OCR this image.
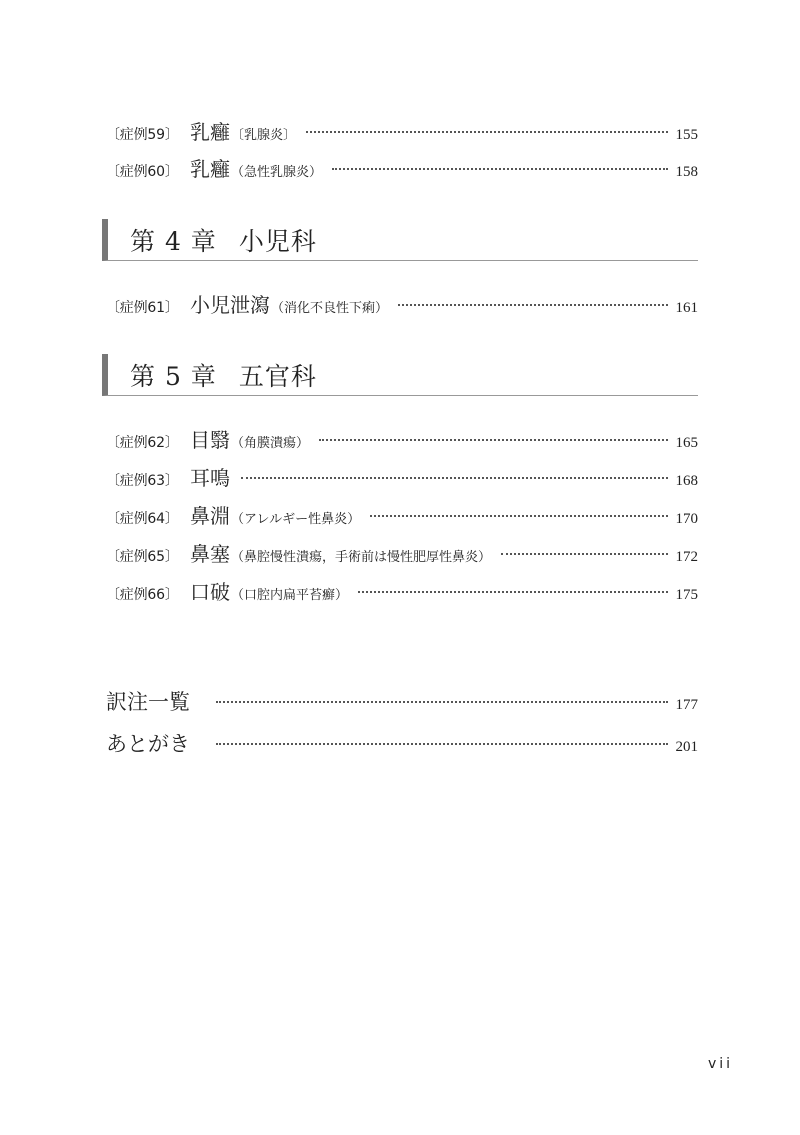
〔症例59〕 乳癰 〔乳腺炎〕	155
〔症例60〕 乳癰 （急性乳腺炎）	158
第 4 章 小児科
〔症例61〕 小児泄瀉 （消化不良性下痢）	161
第 5 章 五官科
〔症例62〕 目翳 （角膜潰瘍）	165
〔症例63〕 耳鳴	168
〔症例64〕 鼻淵 （アレルギー性鼻炎）	170
〔症例65〕 鼻塞 （鼻腔慢性潰瘍，手術前は慢性肥厚性鼻炎）	172
〔症例66〕 口破 （口腔内扁平苔癬）	175
訳注一覧	177
あとがき	201
vii
